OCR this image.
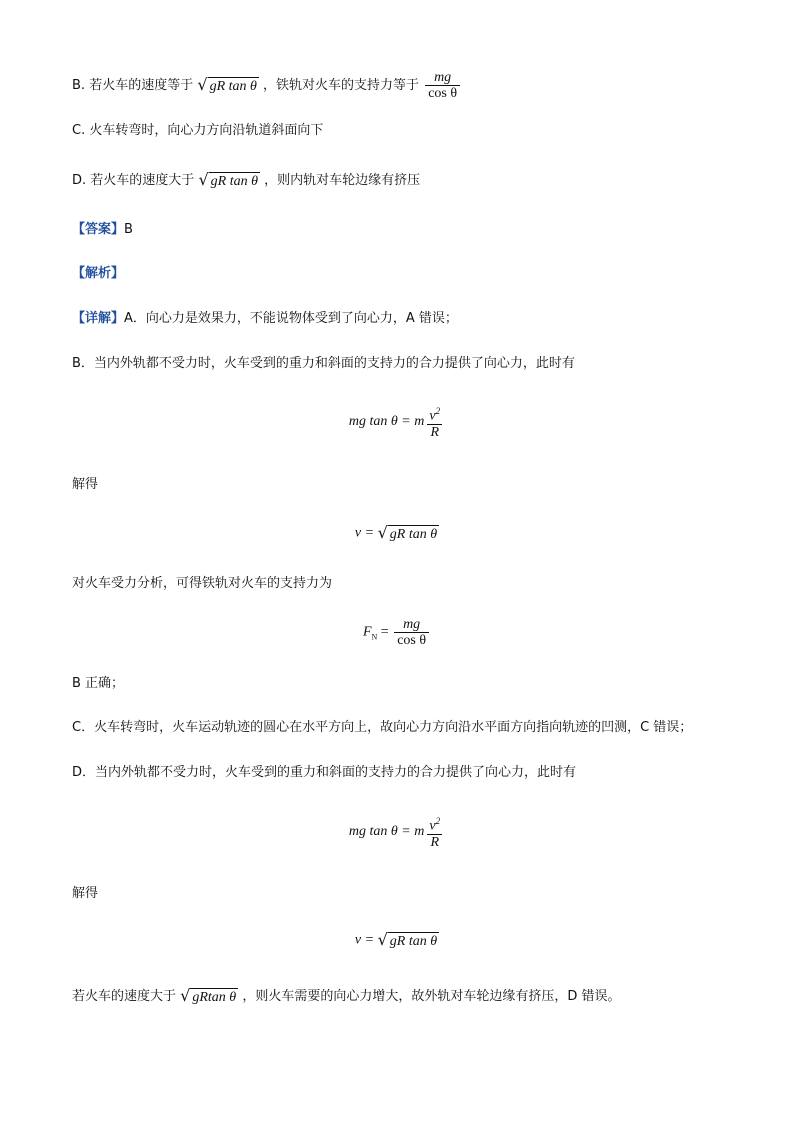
B. 若火车的速度等于 √ gR tan θ ，铁轨对火车的支持力等于 $\frac{mg}{\text{cos θ}}$
C. 火车转弯时，向心力方向沿轨道斜面向下
D. 若火车的速度大于 √ gR tan θ ，则内轨对车轮边缘有挤压
【答案】B
【解析】
【详解】A．向心力是效果力，不能说物体受到了向心力，A 错误；
B．当内外轨都不受力时，火车受到的重力和斜面的支持力的合力提供了向心力，此时有
mg tan θ = m $\frac{v^2}{R}$
解得
v = √ gR tan θ
对火车受力分析，可得铁轨对火车的支持力为
$F_N = \frac{mg}{\text{cos θ}}$
B 正确；
C．火车转弯时，火车运动轨迹的圆心在水平方向上，故向心力方向沿水平面方向指向轨迹的凹测，C 错误；
D．当内外轨都不受力时，火车受到的重力和斜面的支持力的合力提供了向心力，此时有
mg tan θ = m $\frac{v^2}{R}$
解得
v = √ gR tan θ
若火车的速度大于 √ gRtan θ ，则火车需要的向心力增大，故外轨对车轮边缘有挤压，D 错误。
